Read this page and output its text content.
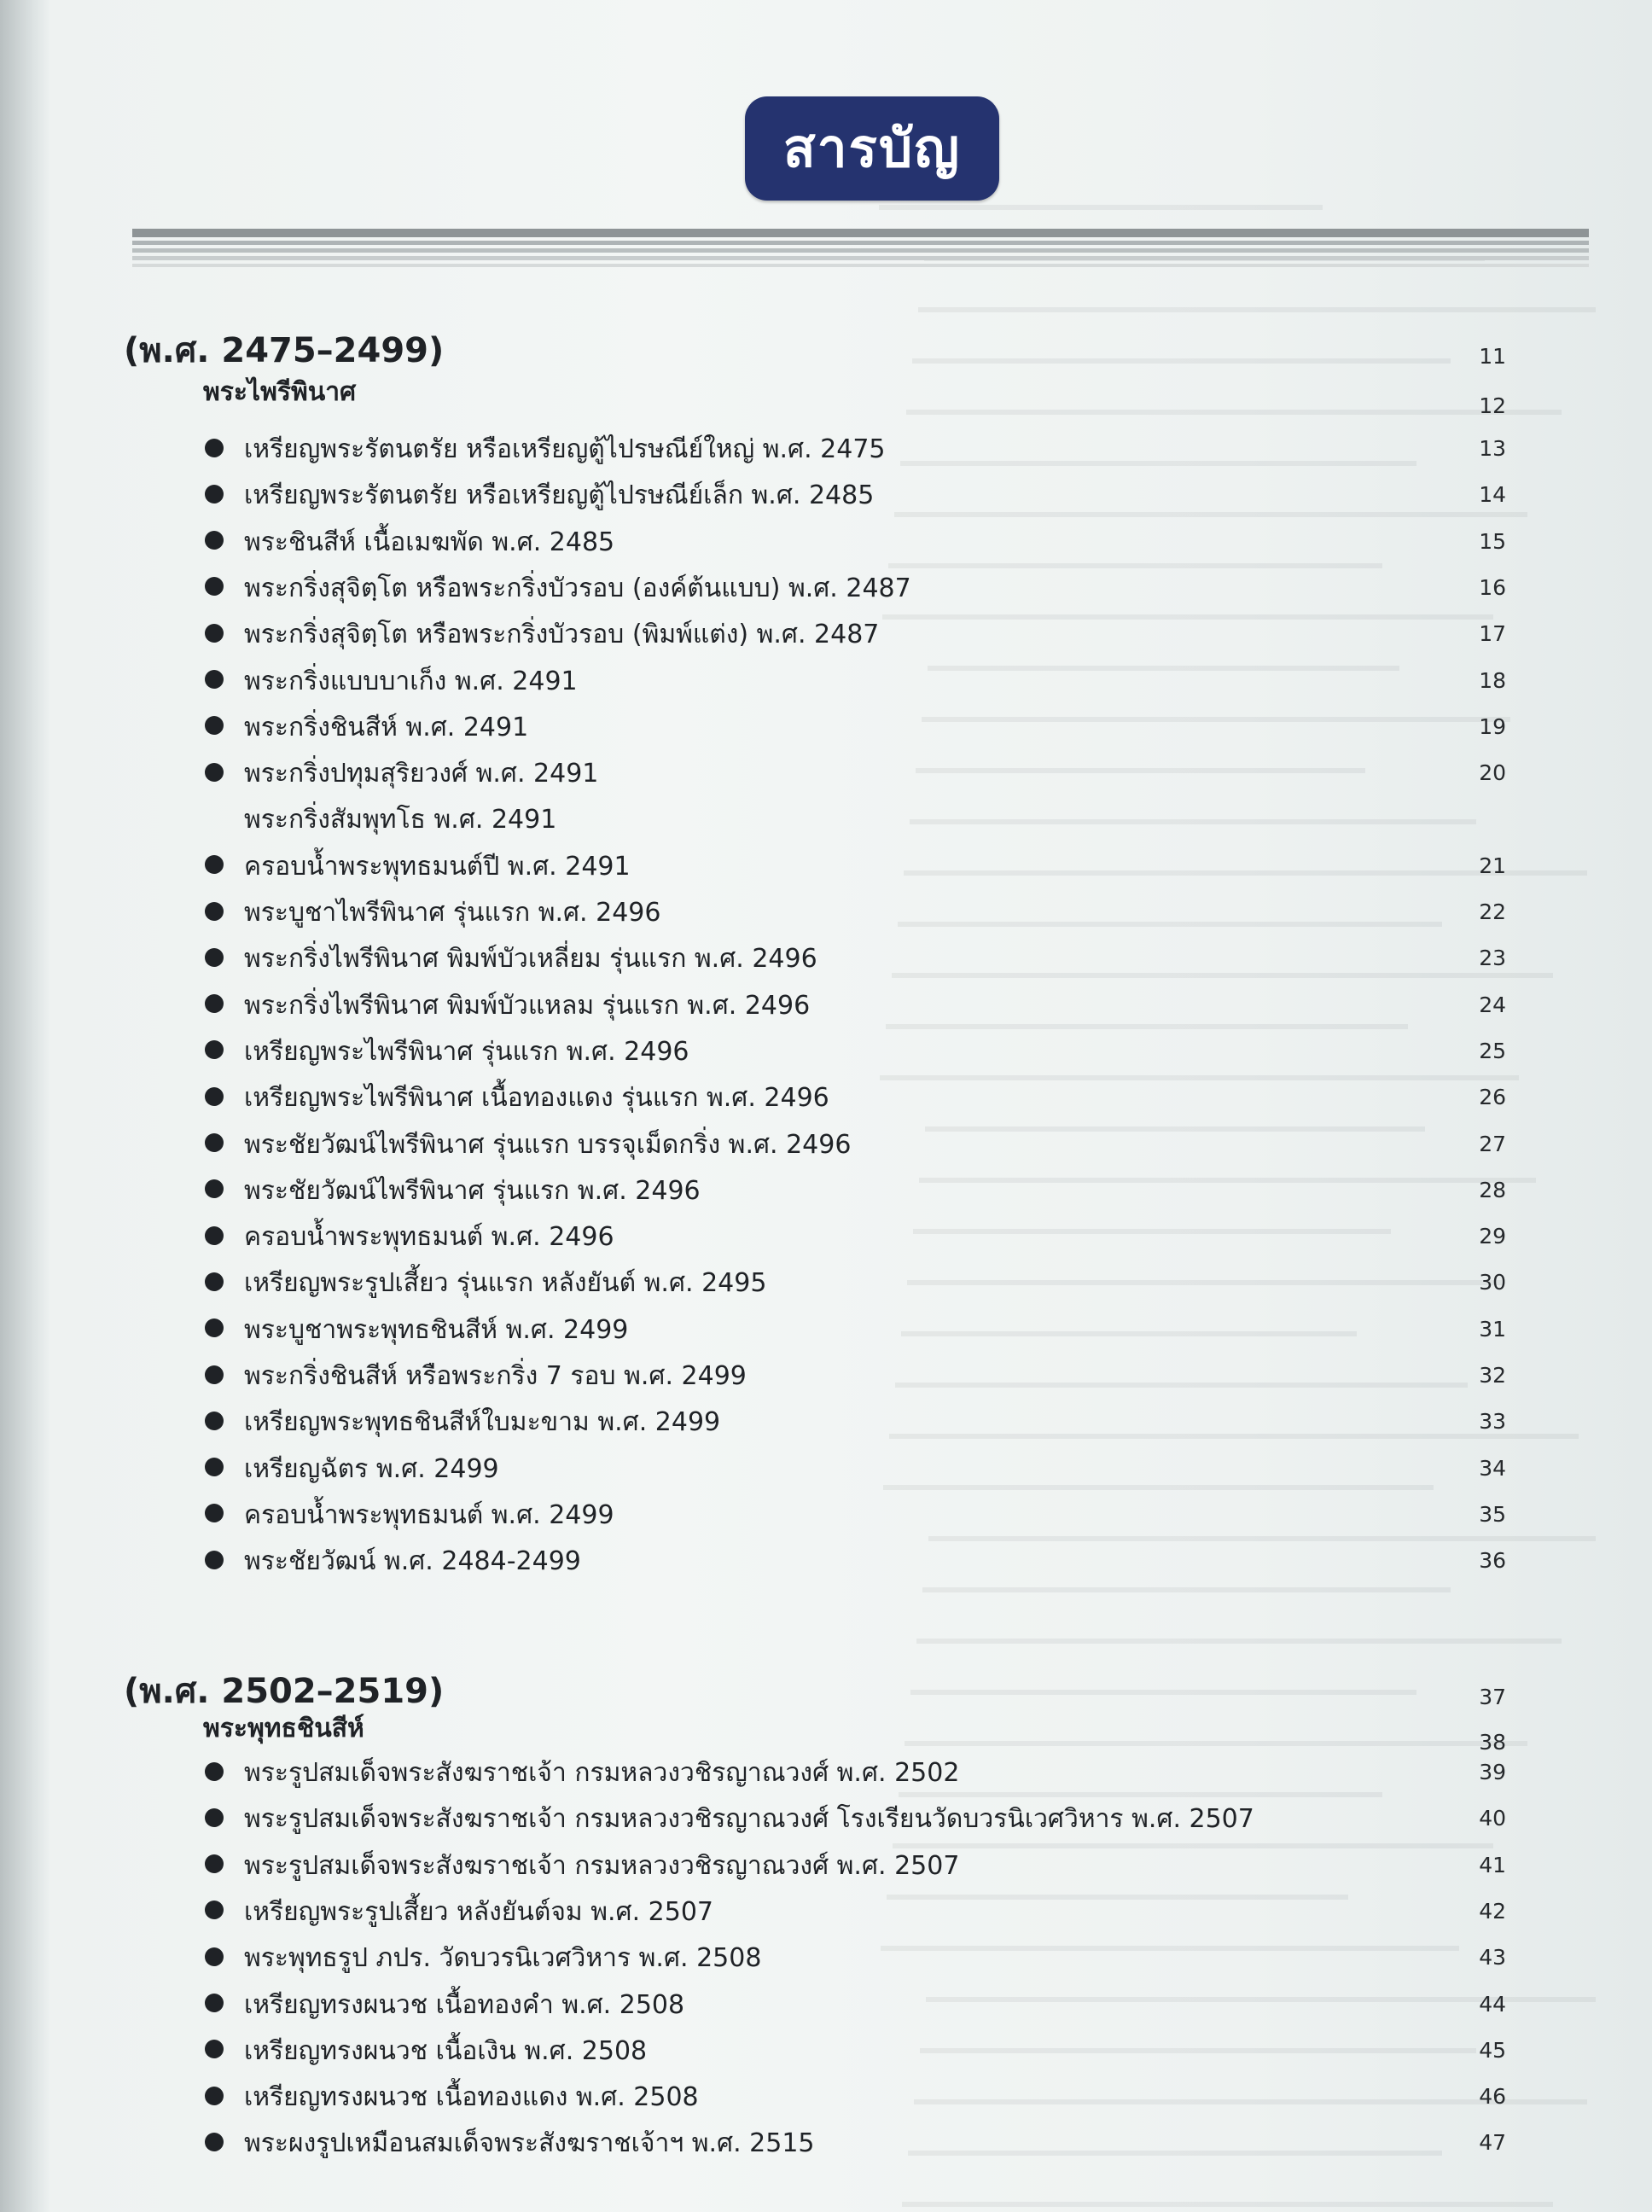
สารบัญ
(พ.ศ. 2475–2499)	11
พระไพรีพินาศ	12
เหรียญพระรัตนตรัย หรือเหรียญตู้ไปรษณีย์ใหญ่ พ.ศ. 2475	13
เหรียญพระรัตนตรัย หรือเหรียญตู้ไปรษณีย์เล็ก พ.ศ. 2485	14
พระชินสีห์ เนื้อเมฆพัด พ.ศ. 2485	15
พระกริ่งสุจิตฺโต หรือพระกริ่งบัวรอบ (องค์ต้นแบบ) พ.ศ. 2487	16
พระกริ่งสุจิตฺโต หรือพระกริ่งบัวรอบ (พิมพ์แต่ง) พ.ศ. 2487	17
พระกริ่งแบบบาเก็ง พ.ศ. 2491	18
พระกริ่งชินสีห์ พ.ศ. 2491	19
พระกริ่งปทุมสุริยวงศ์ พ.ศ. 2491	20
พระกริ่งสัมพุทโธ พ.ศ. 2491
ครอบน้ำพระพุทธมนต์ปี พ.ศ. 2491	21
พระบูชาไพรีพินาศ รุ่นแรก พ.ศ. 2496	22
พระกริ่งไพรีพินาศ พิมพ์บัวเหลี่ยม รุ่นแรก พ.ศ. 2496	23
พระกริ่งไพรีพินาศ พิมพ์บัวแหลม รุ่นแรก พ.ศ. 2496	24
เหรียญพระไพรีพินาศ รุ่นแรก พ.ศ. 2496	25
เหรียญพระไพรีพินาศ เนื้อทองแดง รุ่นแรก พ.ศ. 2496	26
พระชัยวัฒน์ไพรีพินาศ รุ่นแรก บรรจุเม็ดกริ่ง พ.ศ. 2496	27
พระชัยวัฒน์ไพรีพินาศ รุ่นแรก พ.ศ. 2496	28
ครอบน้ำพระพุทธมนต์ พ.ศ. 2496	29
เหรียญพระรูปเสี้ยว รุ่นแรก หลังยันต์ พ.ศ. 2495	30
พระบูชาพระพุทธชินสีห์ พ.ศ. 2499	31
พระกริ่งชินสีห์ หรือพระกริ่ง 7 รอบ พ.ศ. 2499	32
เหรียญพระพุทธชินสีห์ใบมะขาม พ.ศ. 2499	33
เหรียญฉัตร พ.ศ. 2499	34
ครอบน้ำพระพุทธมนต์ พ.ศ. 2499	35
พระชัยวัฒน์ พ.ศ. 2484-2499	36
(พ.ศ. 2502–2519)	37
พระพุทธชินสีห์	38
พระรูปสมเด็จพระสังฆราชเจ้า กรมหลวงวชิรญาณวงศ์ พ.ศ. 2502	39
พระรูปสมเด็จพระสังฆราชเจ้า กรมหลวงวชิรญาณวงศ์ โรงเรียนวัดบวรนิเวศวิหาร พ.ศ. 2507	40
พระรูปสมเด็จพระสังฆราชเจ้า กรมหลวงวชิรญาณวงศ์ พ.ศ. 2507	41
เหรียญพระรูปเสี้ยว หลังยันต์จม พ.ศ. 2507	42
พระพุทธรูป ภปร. วัดบวรนิเวศวิหาร พ.ศ. 2508	43
เหรียญทรงผนวช เนื้อทองคำ พ.ศ. 2508	44
เหรียญทรงผนวช เนื้อเงิน พ.ศ. 2508	45
เหรียญทรงผนวช เนื้อทองแดง พ.ศ. 2508	46
พระผงรูปเหมือนสมเด็จพระสังฆราชเจ้าฯ พ.ศ. 2515	47
